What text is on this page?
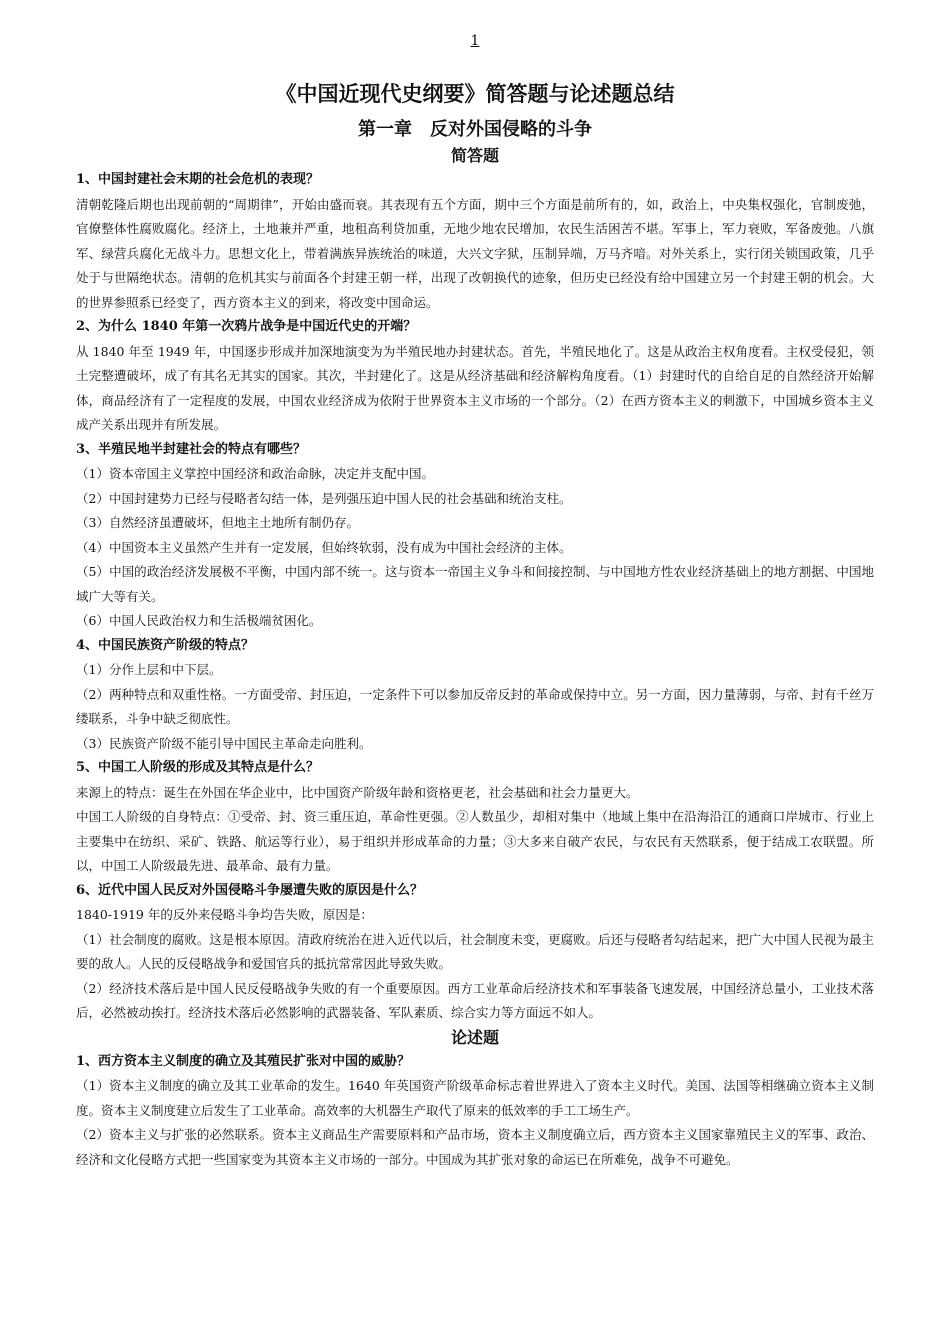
1
《中国近现代史纲要》简答题与论述题总结
第一章　反对外国侵略的斗争
简答题

1、中国封建社会末期的社会危机的表现？

清朝乾隆后期也出现前朝的“周期律”，开始由盛而衰。其表现有五个方面，期中三个方面是前所有的，如，政治上，中央集权强化，官制废弛，官僚整体性腐败腐化。经济上，土地兼并严重，地租高利贷加重，无地少地农民增加，农民生活困苦不堪。军事上，军力衰败，军备废弛。八旗军、绿营兵腐化无战斗力。思想文化上，带着满族异族统治的味道，大兴文字狱，压制异端，万马齐喑。对外关系上，实行闭关锁国政策，几乎处于与世隔绝状态。清朝的危机其实与前面各个封建王朝一样，出现了改朝换代的迹象，但历史已经没有给中国建立另一个封建王朝的机会。大的世界参照系已经变了，西方资本主义的到来，将改变中国命运。

2、为什么 1840 年第一次鸦片战争是中国近代史的开端？

从 1840 年至 1949 年，中国逐步形成并加深地演变为为半殖民地办封建状态。首先，半殖民地化了。这是从政治主权角度看。主权受侵犯，领土完整遭破坏，成了有其名无其实的国家。其次，半封建化了。这是从经济基础和经济解构角度看。（1）封建时代的自给自足的自然经济开始解体，商品经济有了一定程度的发展，中国农业经济成为依附于世界资本主义市场的一个部分。（2）在西方资本主义的刺激下，中国城乡资本主义成产关系出现并有所发展。

3、半殖民地半封建社会的特点有哪些？

（1）资本帝国主义掌控中国经济和政治命脉，决定并支配中国。

（2）中国封建势力已经与侵略者勾结一体，是列强压迫中国人民的社会基础和统治支柱。

（3）自然经济虽遭破坏，但地主土地所有制仍存。

（4）中国资本主义虽然产生并有一定发展，但始终软弱，没有成为中国社会经济的主体。

（5）中国的政治经济发展极不平衡，中国内部不统一。这与资本一帝国主义争斗和间接控制、与中国地方性农业经济基础上的地方割据、中国地域广大等有关。

（6）中国人民政治权力和生活极端贫困化。

4、中国民族资产阶级的特点？

（1）分作上层和中下层。

（2）两种特点和双重性格。一方面受帝、封压迫，一定条件下可以参加反帝反封的革命或保持中立。另一方面，因力量薄弱，与帝、封有千丝万缕联系，斗争中缺乏彻底性。

（3）民族资产阶级不能引导中国民主革命走向胜利。

5、中国工人阶级的形成及其特点是什么？

来源上的特点：诞生在外国在华企业中，比中国资产阶级年龄和资格更老，社会基础和社会力量更大。

中国工人阶级的自身特点：①受帝、封、资三重压迫，革命性更强。②人数虽少，却相对集中（地域上集中在沿海沿江的通商口岸城市、行业上主要集中在纺织、采矿、铁路、航运等行业），易于组织并形成革命的力量；③大多来自破产农民，与农民有天然联系，便于结成工农联盟。所以，中国工人阶级最先进、最革命、最有力量。

6、近代中国人民反对外国侵略斗争屡遭失败的原因是什么？

1840-1919 年的反外来侵略斗争均告失败，原因是：

（1）社会制度的腐败。这是根本原因。清政府统治在进入近代以后，社会制度未变，更腐败。后还与侵略者勾结起来，把广大中国人民视为最主要的敌人。人民的反侵略战争和爱国官兵的抵抗常常因此导致失败。

（2）经济技术落后是中国人民反侵略战争失败的有一个重要原因。西方工业革命后经济技术和军事装备飞速发展，中国经济总量小，工业技术落后，必然被动挨打。经济技术落后必然影响的武器装备、军队素质、综合实力等方面远不如人。

论述题

1、西方资本主义制度的确立及其殖民扩张对中国的威胁？

（1）资本主义制度的确立及其工业革命的发生。1640 年英国资产阶级革命标志着世界进入了资本主义时代。美国、法国等相继确立资本主义制度。资本主义制度建立后发生了工业革命。高效率的大机器生产取代了原来的低效率的手工工场生产。

（2）资本主义与扩张的必然联系。资本主义商品生产需要原料和产品市场，资本主义制度确立后，西方资本主义国家靠殖民主义的军事、政治、经济和文化侵略方式把一些国家变为其资本主义市场的一部分。中国成为其扩张对象的命运已在所难免，战争不可避免。
